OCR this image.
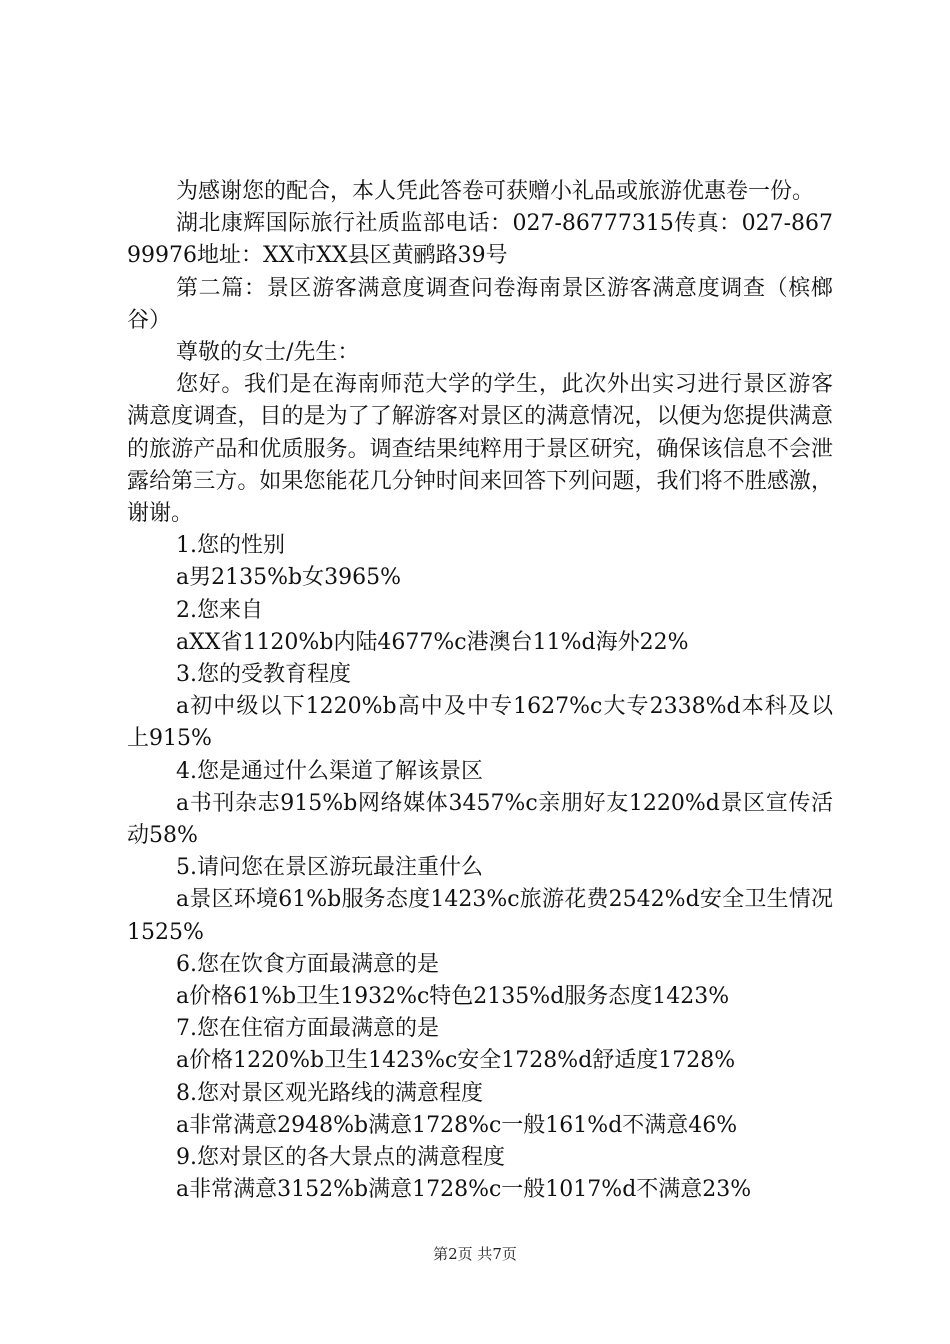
为感谢您的配合，本人凭此答卷可获赠小礼品或旅游优惠卷一份。

湖北康辉国际旅行社质监部电话：027-86777315传真：027-86799976地址：XX市XX县区黄鹂路39号

第二篇：景区游客满意度调查问卷海南景区游客满意度调查（槟榔谷）

尊敬的女士/先生：

您好。我们是在海南师范大学的学生，此次外出实习进行景区游客满意度调查，目的是为了了解游客对景区的满意情况，以便为您提供满意的旅游产品和优质服务。调查结果纯粹用于景区研究，确保该信息不会泄露给第三方。如果您能花几分钟时间来回答下列问题，我们将不胜感激，谢谢。

1.您的性别

a男2135%b女3965%

2.您来自

aXX省1120%b内陆4677%c港澳台11%d海外22%

3.您的受教育程度

a初中级以下1220%b高中及中专1627%c大专2338%d本科及以上915%

4.您是通过什么渠道了解该景区

a书刊杂志915%b网络媒体3457%c亲朋好友1220%d景区宣传活动58%

5.请问您在景区游玩最注重什么

a景区环境61%b服务态度1423%c旅游花费2542%d安全卫生情况1525%

6.您在饮食方面最满意的是

a价格61%b卫生1932%c特色2135%d服务态度1423%

7.您在住宿方面最满意的是

a价格1220%b卫生1423%c安全1728%d舒适度1728%

8.您对景区观光路线的满意程度

a非常满意2948%b满意1728%c一般161%d不满意46%

9.您对景区的各大景点的满意程度

a非常满意3152%b满意1728%c一般1017%d不满意23%

第2页 共7页
